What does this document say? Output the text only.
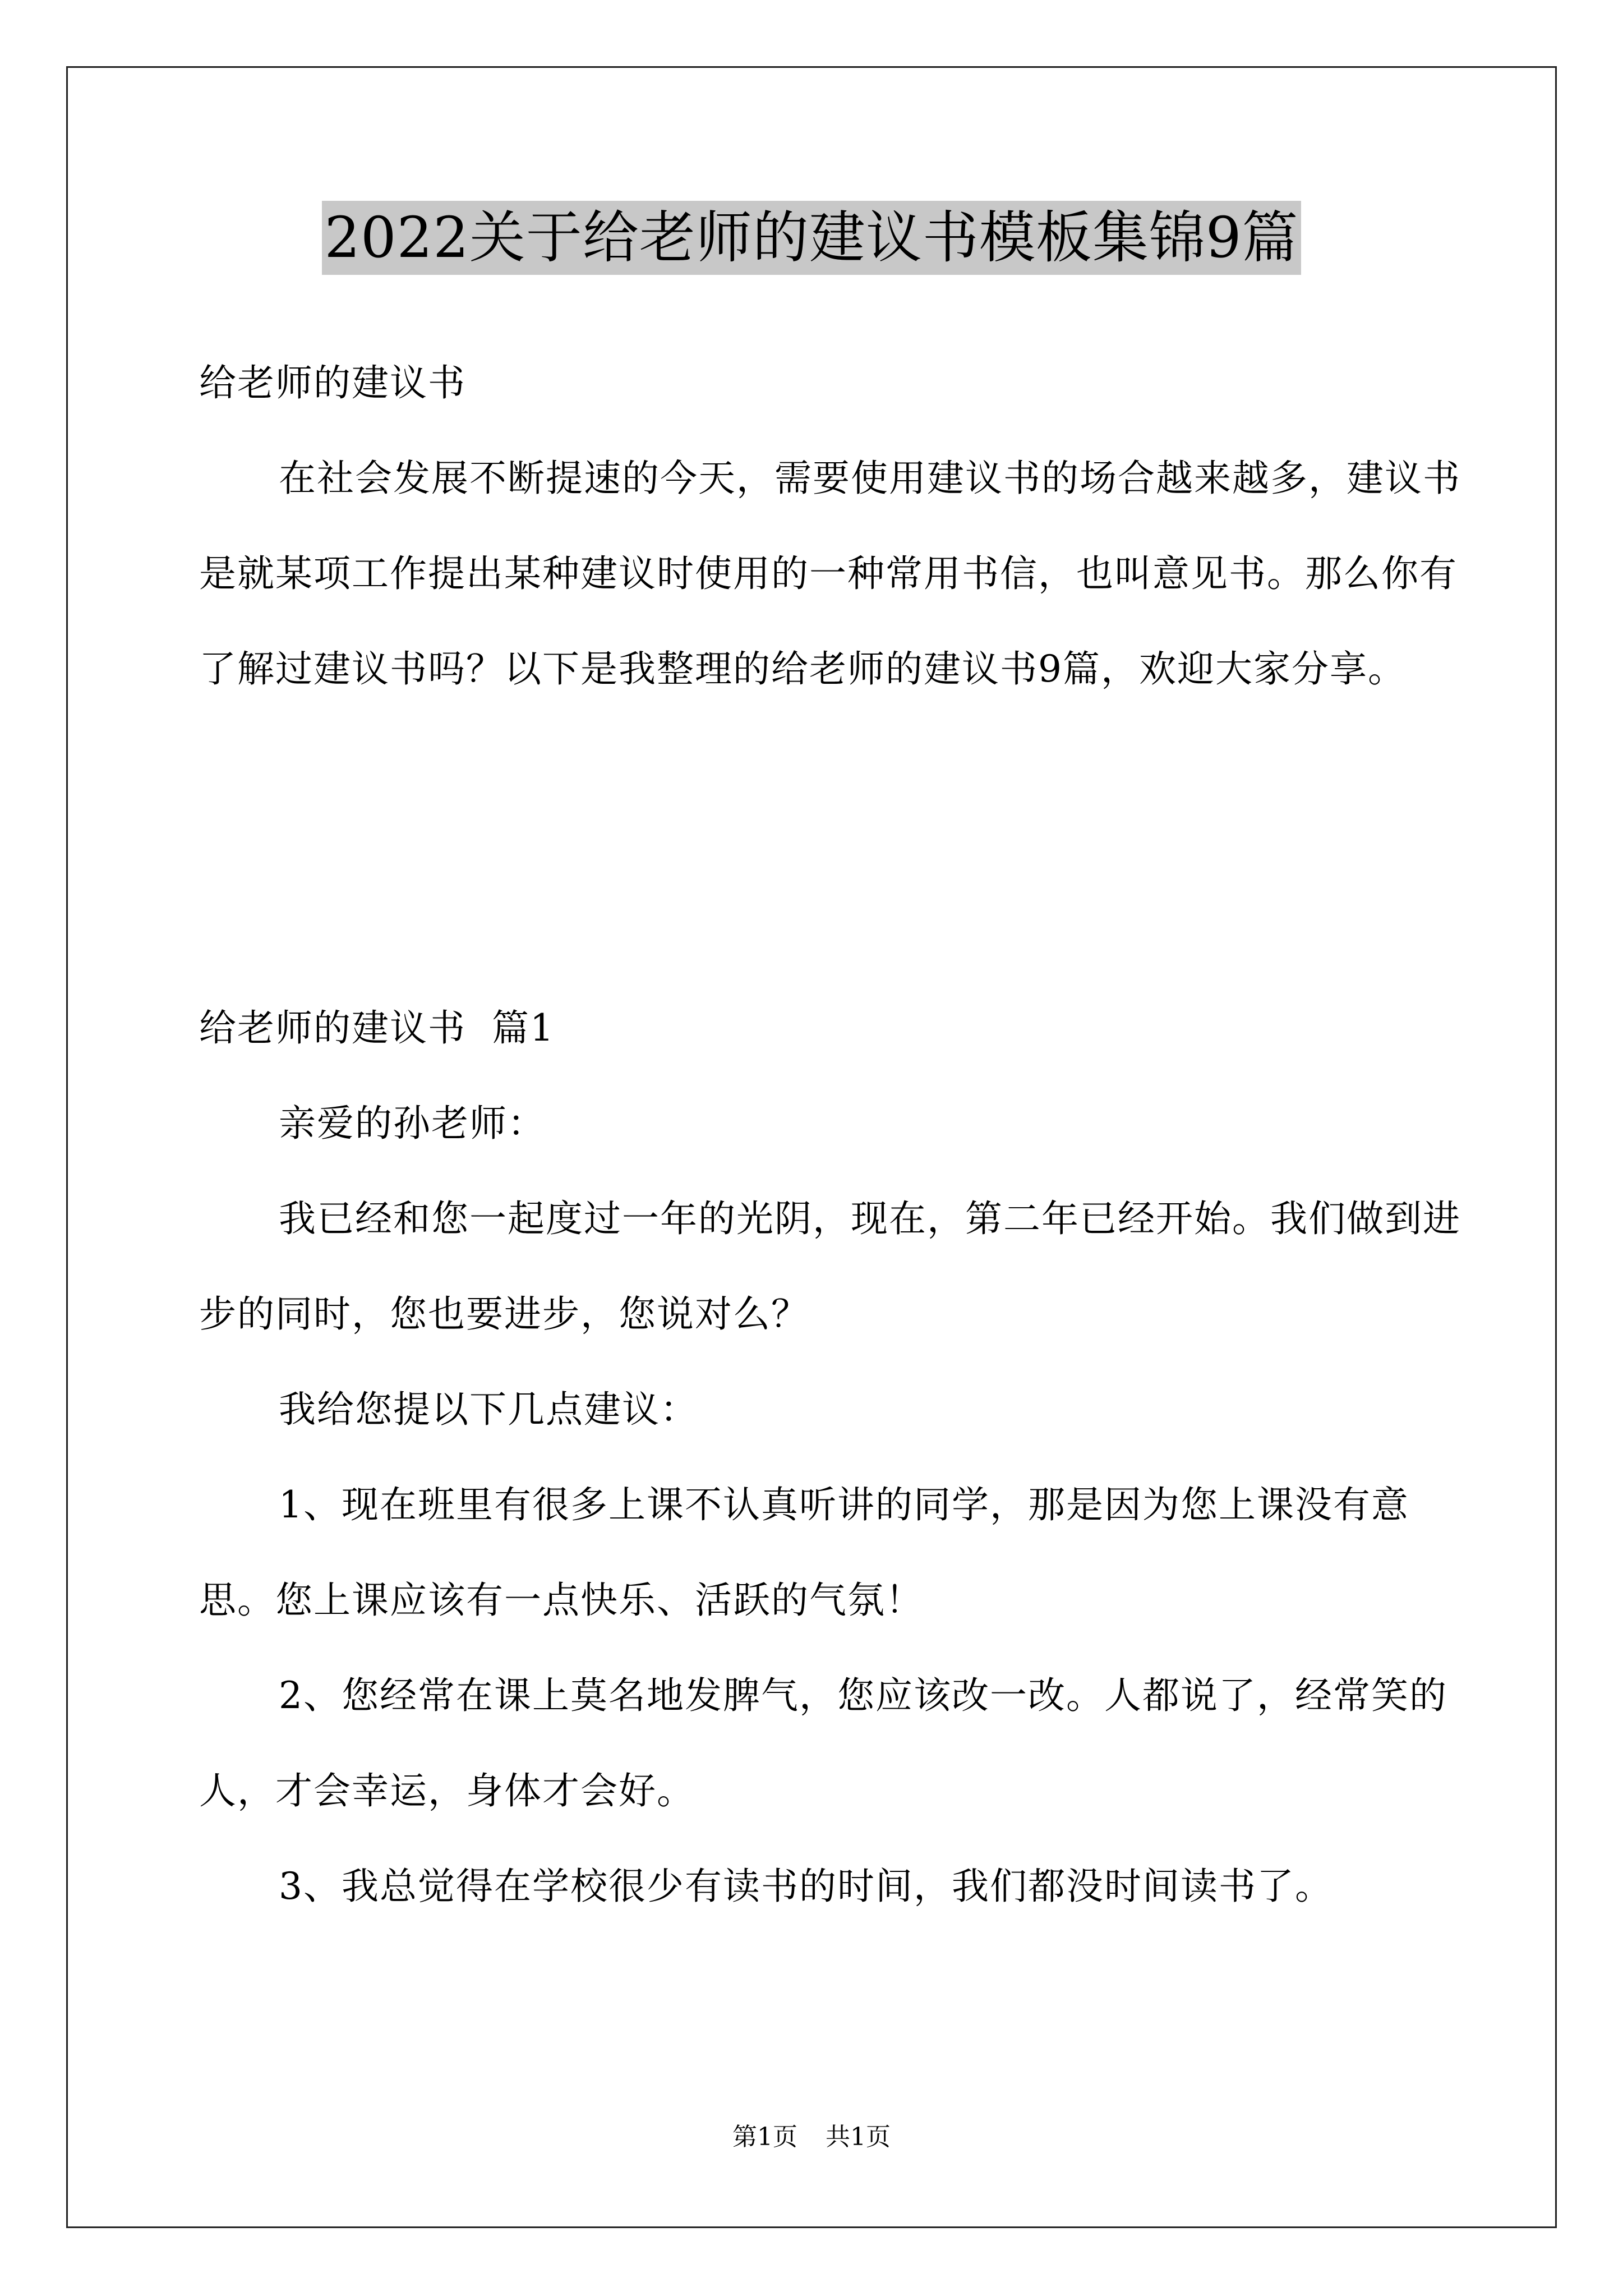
2022关于给老师的建议书模板集锦9篇

给老师的建议书

在社会发展不断提速的今天，需要使用建议书的场合越来越多，建议书是就某项工作提出某种建议时使用的一种常用书信，也叫意见书。那么你有了解过建议书吗？以下是我整理的给老师的建议书9篇，欢迎大家分享。

给老师的建议书  篇1

亲爱的孙老师：

我已经和您一起度过一年的光阴，现在，第二年已经开始。我们做到进步的同时，您也要进步，您说对么？

我给您提以下几点建议：

1、现在班里有很多上课不认真听讲的同学，那是因为您上课没有意思。您上课应该有一点快乐、活跃的气氛！

2、您经常在课上莫名地发脾气，您应该改一改。人都说了，经常笑的人，才会幸运，身体才会好。

3、我总觉得在学校很少有读书的时间，我们都没时间读书了。

第1页 共1页
